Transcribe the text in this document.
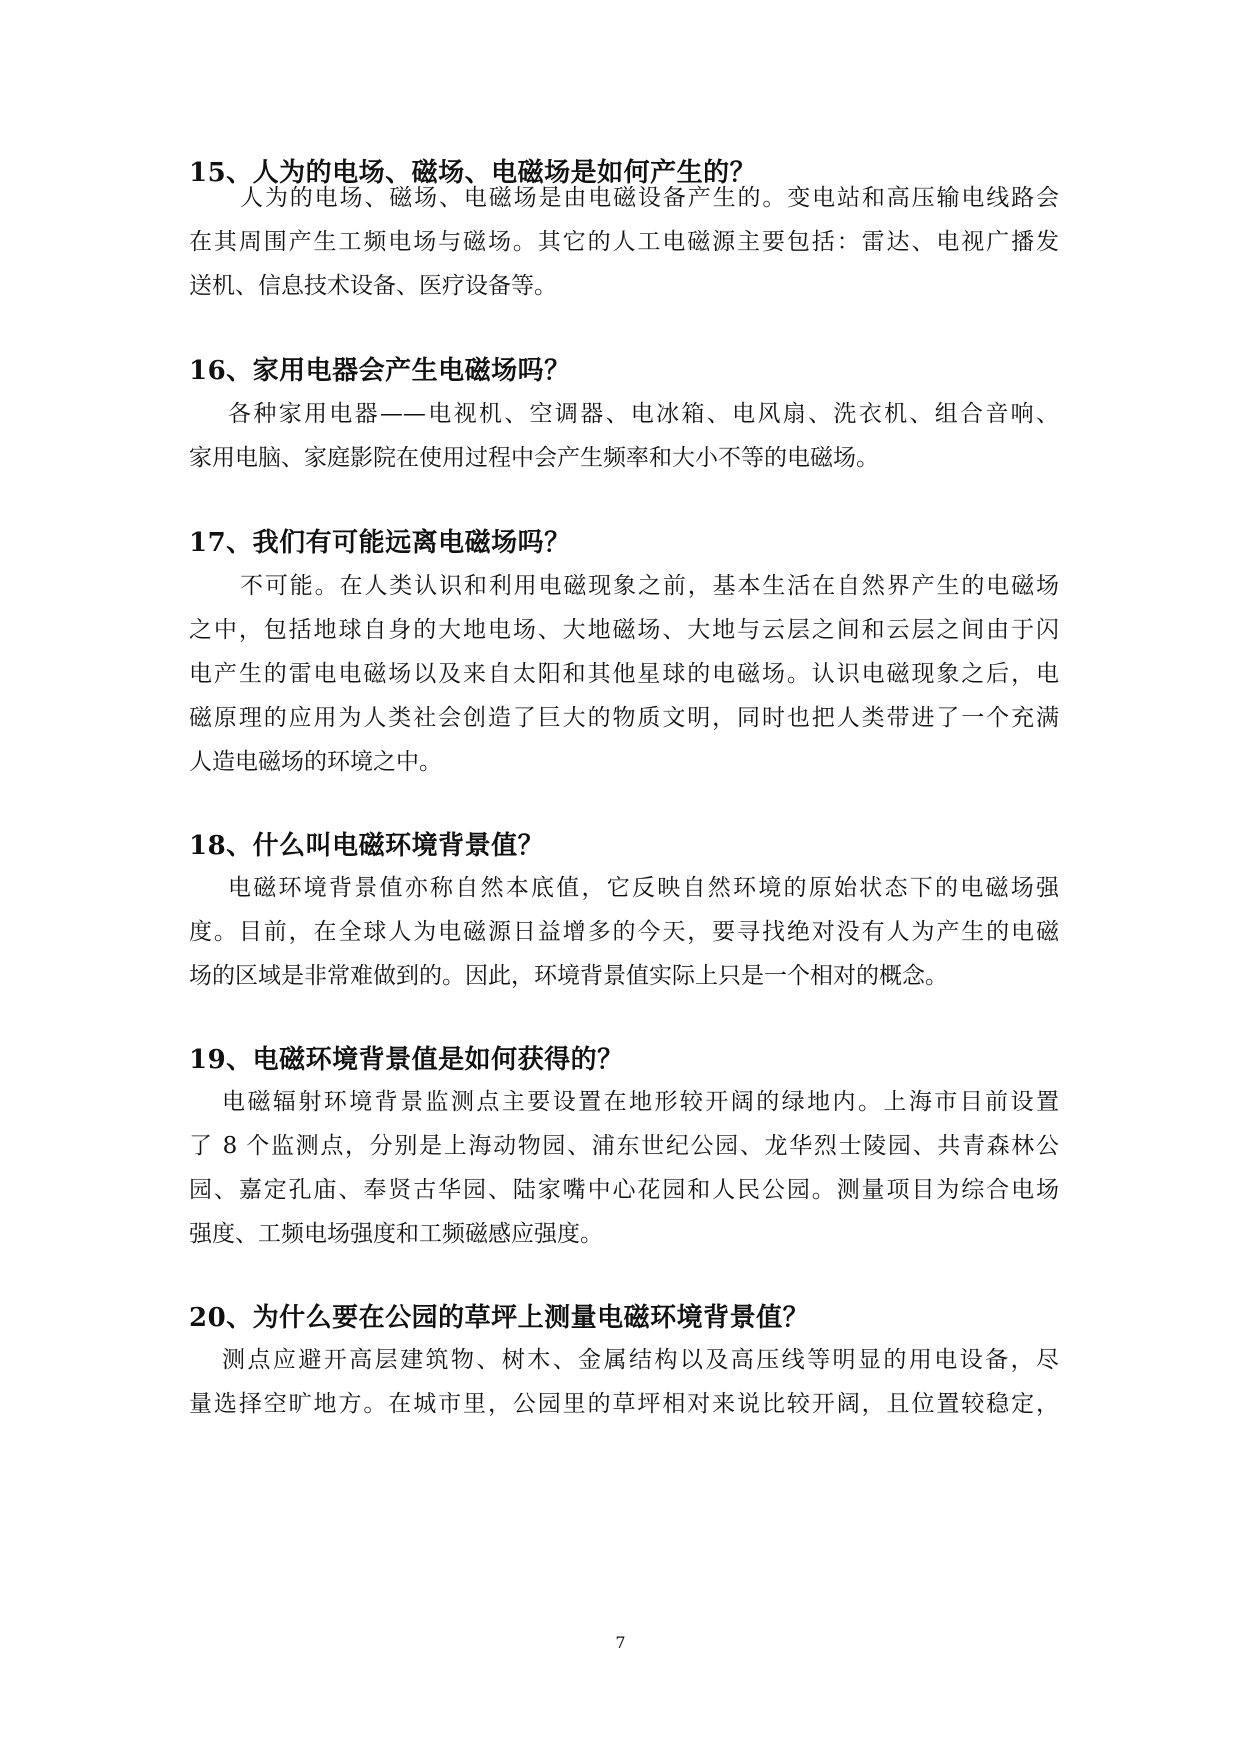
15、人为的电场、磁场、电磁场是如何产生的？
人为的电场、磁场、电磁场是由电磁设备产生的。变电站和高压输电线路会
在其周围产生工频电场与磁场。其它的人工电磁源主要包括：雷达、电视广播发
送机、信息技术设备、医疗设备等。
16、家用电器会产生电磁场吗？
各种家用电器——电视机、空调器、电冰箱、电风扇、洗衣机、组合音响、
家用电脑、家庭影院在使用过程中会产生频率和大小不等的电磁场。
17、我们有可能远离电磁场吗？
不可能。在人类认识和利用电磁现象之前，基本生活在自然界产生的电磁场
之中，包括地球自身的大地电场、大地磁场、大地与云层之间和云层之间由于闪
电产生的雷电电磁场以及来自太阳和其他星球的电磁场。认识电磁现象之后，电
磁原理的应用为人类社会创造了巨大的物质文明，同时也把人类带进了一个充满
人造电磁场的环境之中。
18、什么叫电磁环境背景值？
电磁环境背景值亦称自然本底值，它反映自然环境的原始状态下的电磁场强
度。目前，在全球人为电磁源日益增多的今天，要寻找绝对没有人为产生的电磁
场的区域是非常难做到的。因此，环境背景值实际上只是一个相对的概念。
19、电磁环境背景值是如何获得的？
电磁辐射环境背景监测点主要设置在地形较开阔的绿地内。上海市目前设置
了 8 个监测点，分别是上海动物园、浦东世纪公园、龙华烈士陵园、共青森林公
园、嘉定孔庙、奉贤古华园、陆家嘴中心花园和人民公园。测量项目为综合电场
强度、工频电场强度和工频磁感应强度。
20、为什么要在公园的草坪上测量电磁环境背景值？
测点应避开高层建筑物、树木、金属结构以及高压线等明显的用电设备，尽
量选择空旷地方。在城市里，公园里的草坪相对来说比较开阔，且位置较稳定，
7
